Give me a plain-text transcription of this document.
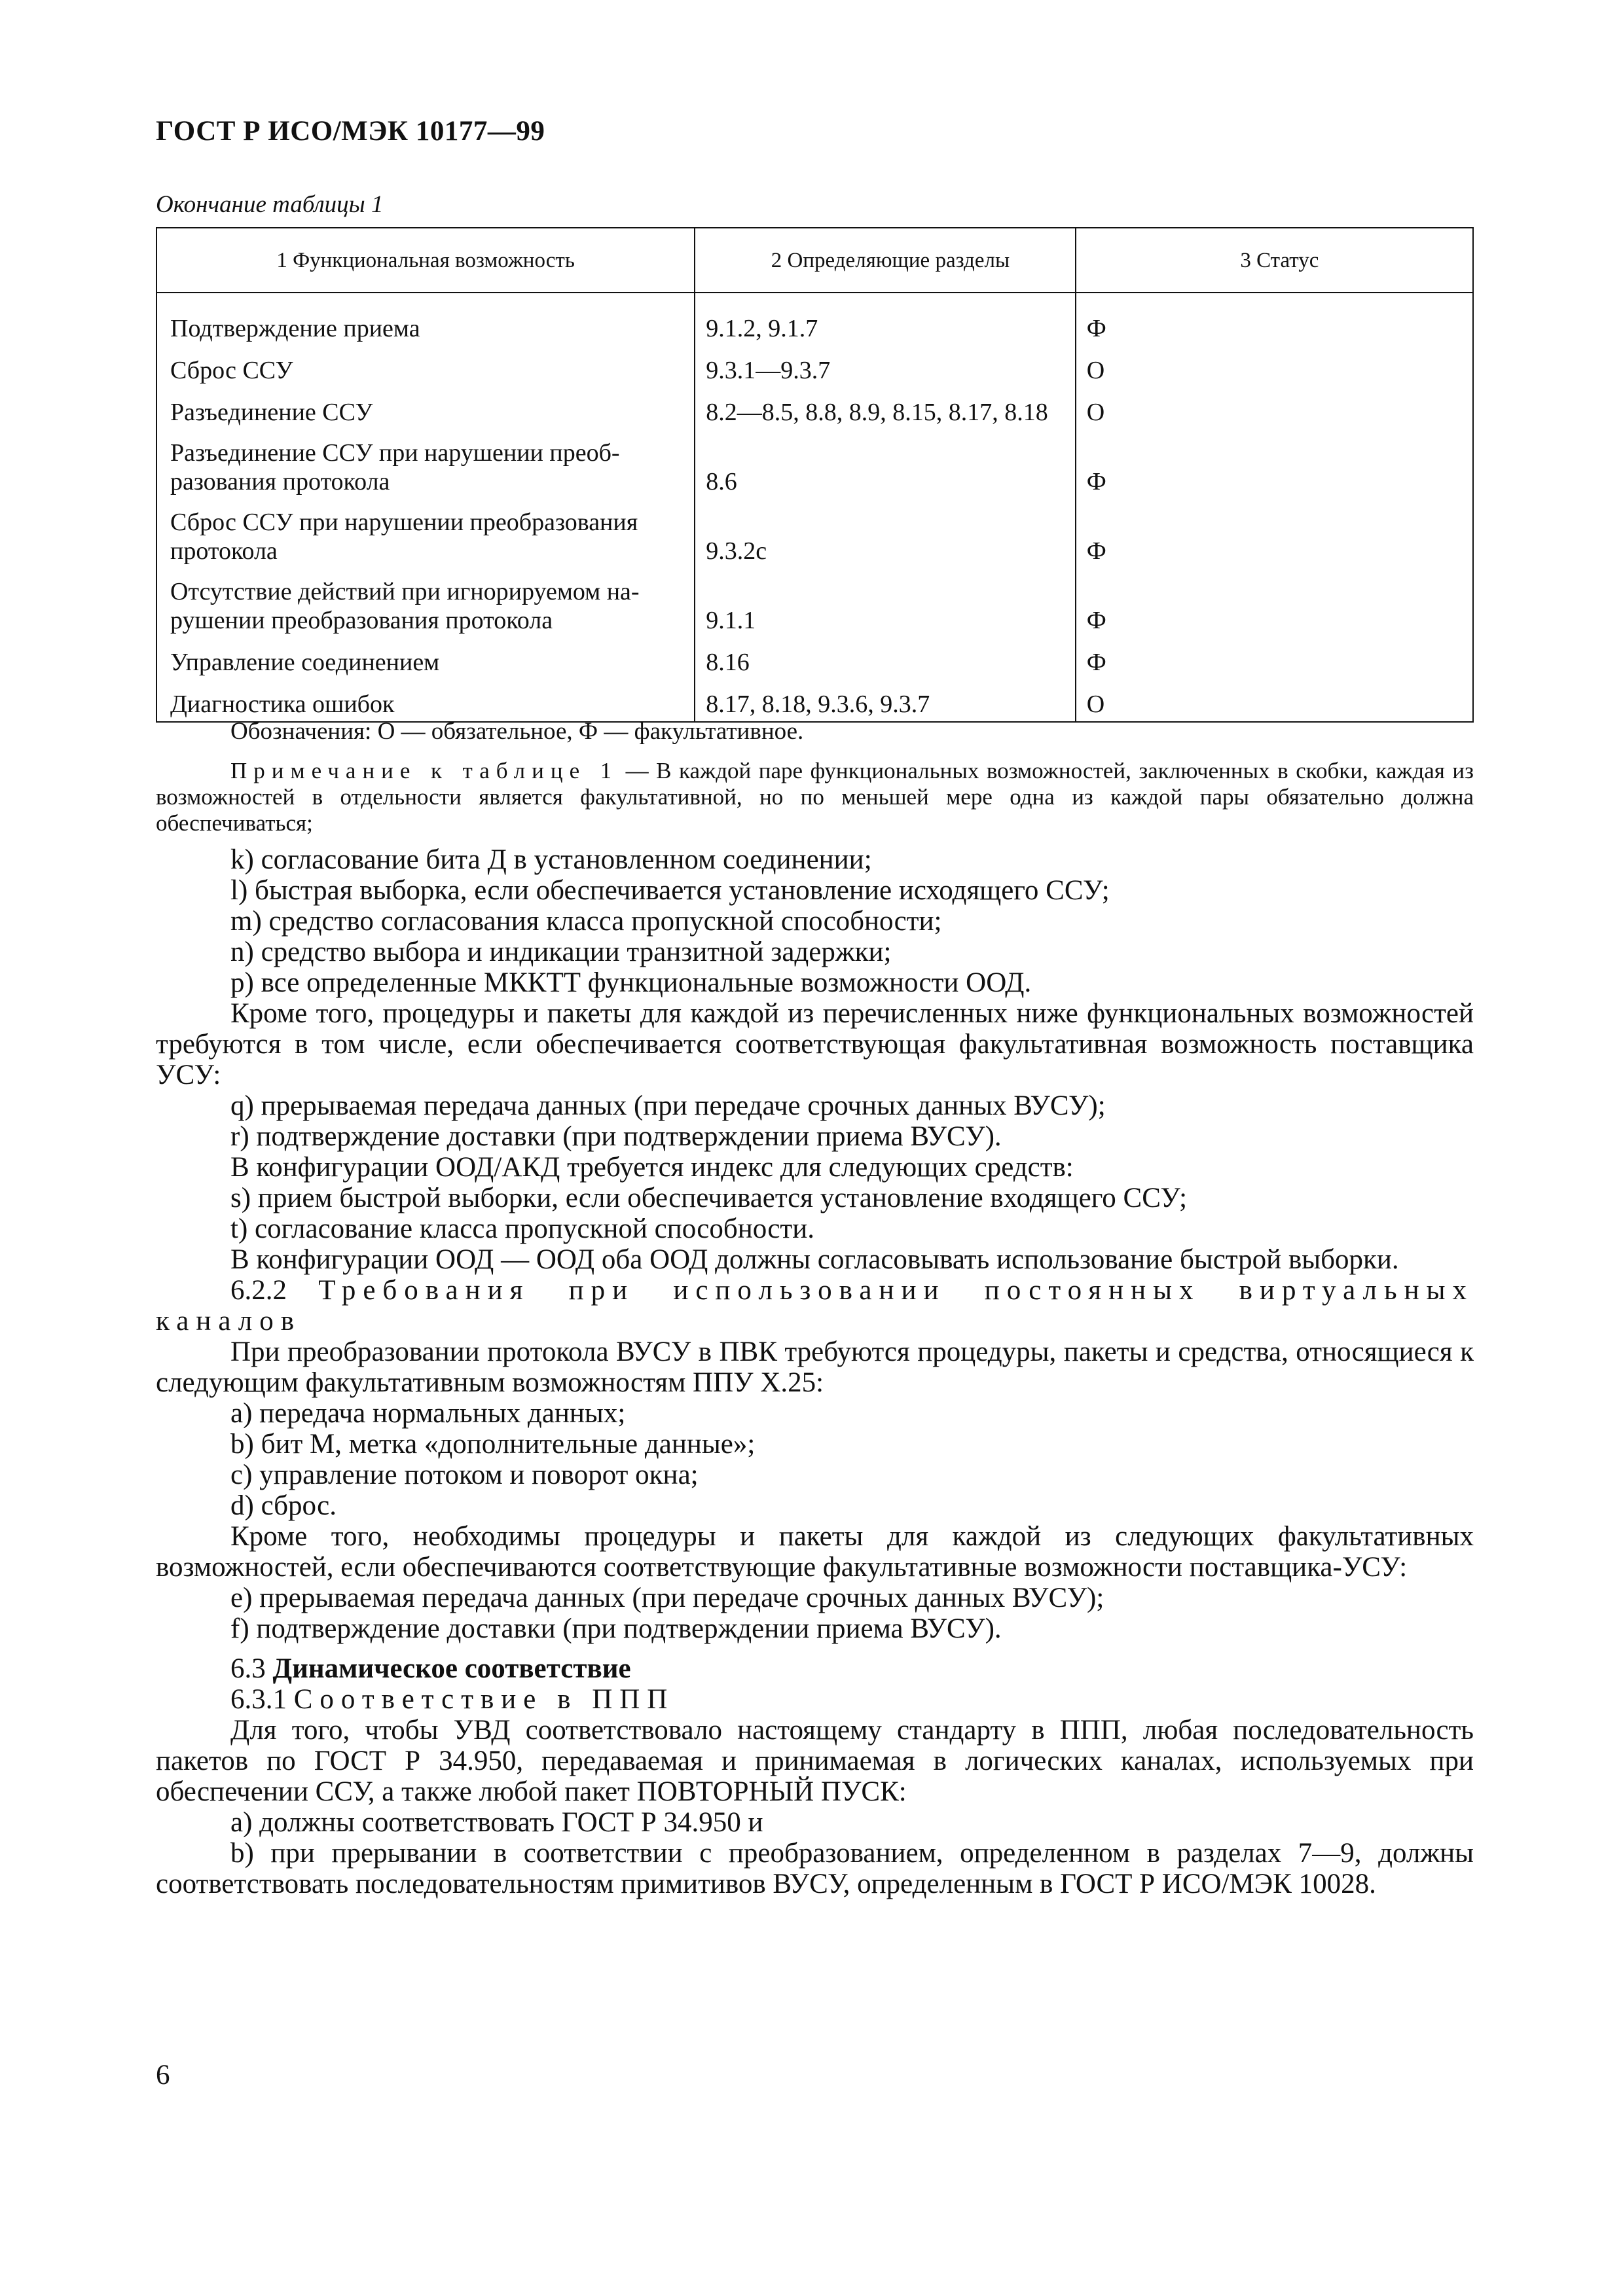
ГОСТ Р ИСО/МЭК 10177—99
Окончание таблицы 1
1 Функциональная возможность	2 Определяющие разделы	3 Статус
Подтверждение приема	9.1.2, 9.1.7	Ф
Сброс ССУ	9.3.1—9.3.7	О
Разъединение ССУ	8.2—8.5, 8.8, 8.9, 8.15, 8.17, 8.18	О
Разъединение ССУ при нарушении преоб-
разования протокола	8.6	Ф
Сброс ССУ при нарушении преобразования
протокола	9.3.2с	Ф
Отсутствие действий при игнорируемом на-
рушении преобразования протокола	9.1.1	Ф
Управление соединением	8.16	Ф
Диагностика ошибок	8.17, 8.18, 9.3.6, 9.3.7	О
Обозначения: О — обязательное, Ф — факультативное.
Примечание к таблице 1 — В каждой паре функциональных возможностей, заключенных в скобки, каждая из возможностей в отдельности является факультативной, но по меньшей мере одна из каждой пары обязательно должна обеспечиваться;

k) согласование бита Д в установленном соединении;

l) быстрая выборка, если обеспечивается установление исходящего ССУ;

m) средство согласования класса пропускной способности;

n) средство выбора и индикации транзитной задержки;

p) все определенные МККТТ функциональные возможности ООД.

Кроме того, процедуры и пакеты для каждой из перечисленных ниже функциональных возможностей требуются в том числе, если обеспечивается соответствующая факультативная возможность поставщика УСУ:

q) прерываемая передача данных (при передаче срочных данных ВУСУ);

r) подтверждение доставки (при подтверждении приема ВУСУ).

В конфигурации ООД/АКД требуется индекс для следующих средств:

s) прием быстрой выборки, если обеспечивается установление входящего ССУ;

t) согласование класса пропускной способности.

В конфигурации ООД — ООД оба ООД должны согласовывать использование быстрой выборки.

6.2.2 Требования при использовании постоянных виртуальных каналов

При преобразовании протокола ВУСУ в ПВК требуются процедуры, пакеты и средства, относящиеся к следующим факультативным возможностям ППУ Х.25:

a) передача нормальных данных;

b) бит М, метка «дополнительные данные»;

c) управление потоком и поворот окна;

d) сброс.

Кроме того, необходимы процедуры и пакеты для каждой из следующих факультативных возможностей, если обеспечиваются соответствующие факультативные возможности поставщика-УСУ:

e) прерываемая передача данных (при передаче срочных данных ВУСУ);

f) подтверждение доставки (при подтверждении приема ВУСУ).

6.3 Динамическое соответствие

6.3.1 Соответствие в ППП

Для того, чтобы УВД соответствовало настоящему стандарту в ППП, любая последовательность пакетов по ГОСТ Р 34.950, передаваемая и принимаемая в логических каналах, используемых при обеспечении ССУ, а также любой пакет ПОВТОРНЫЙ ПУСК:

a) должны соответствовать ГОСТ Р 34.950 и

b) при прерывании в соответствии с преобразованием, определенном в разделах 7—9, должны соответствовать последовательностям примитивов ВУСУ, определенным в ГОСТ Р ИСО/МЭК 10028.

6
